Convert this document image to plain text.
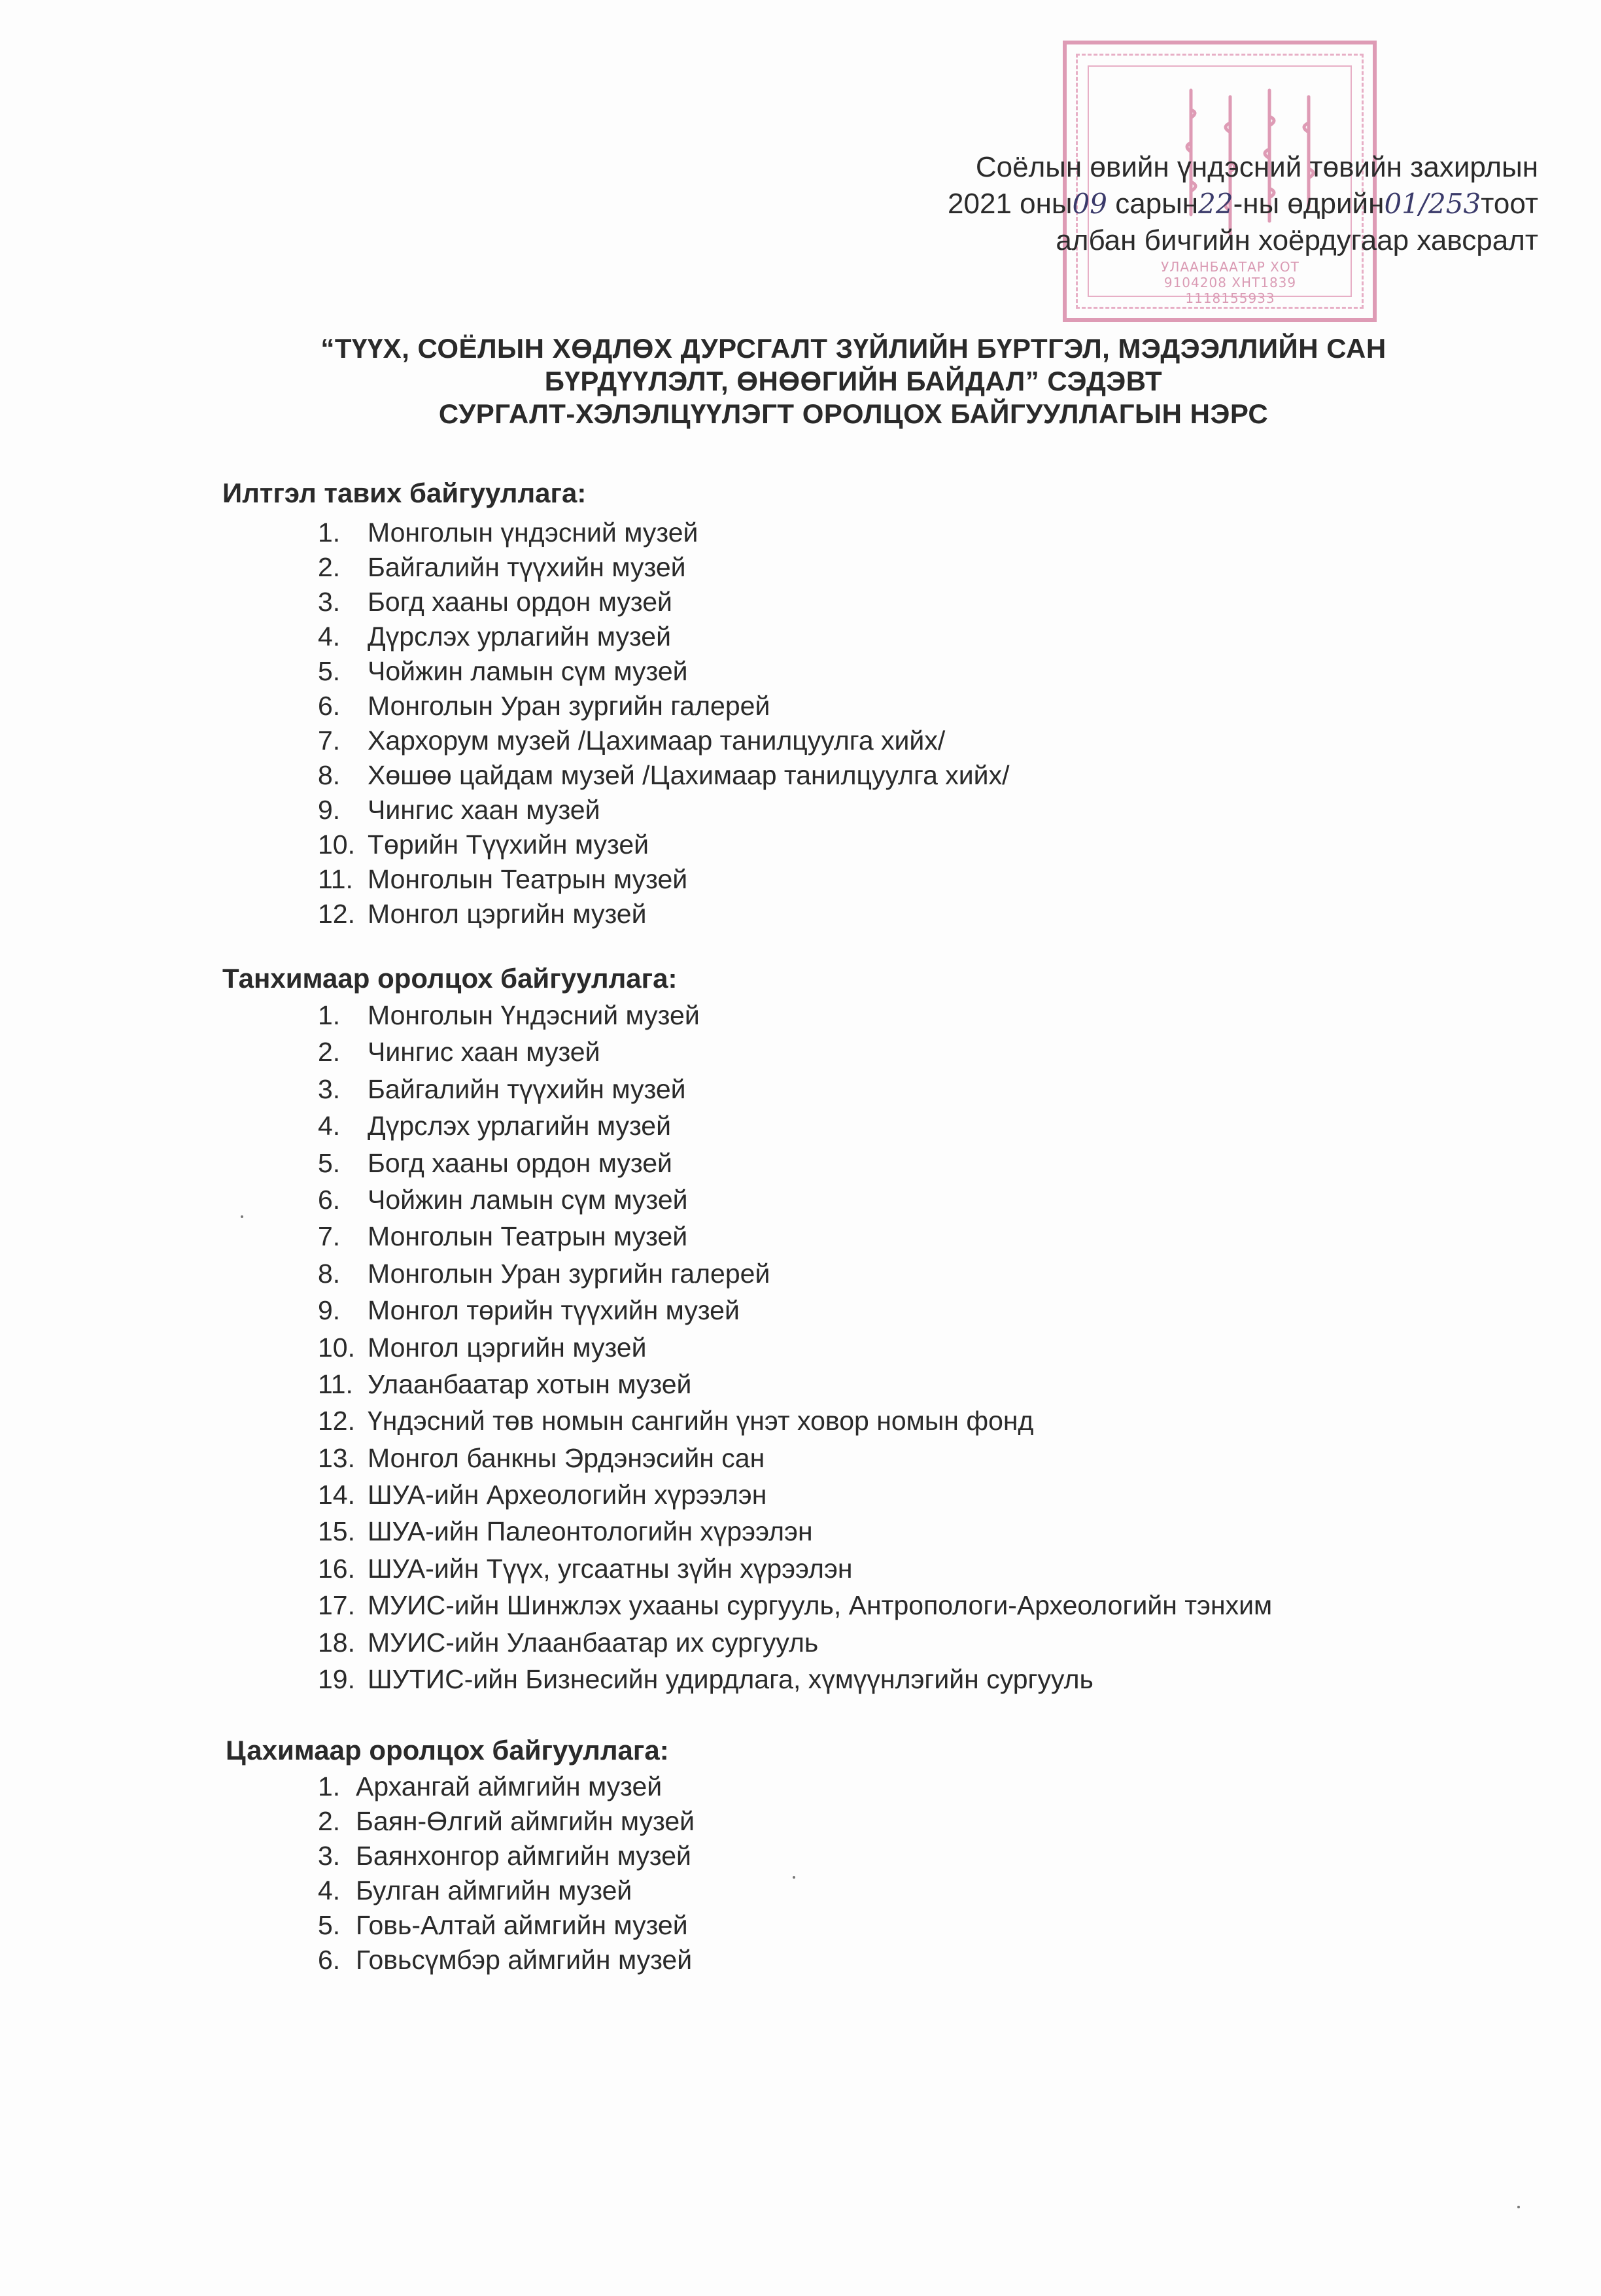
УЛААНБААТАР ХОТ
9104208 ХНТ1839
1118155933
Соёлын өвийн үндэсний төвийн захирлын
2021 оны09 сарын22-ны өдрийн01/253тоот
албан бичгийн хоёрдугаар хавсралт
“ТҮҮХ, СОЁЛЫН ХӨДЛӨХ ДУРСГАЛТ ЗҮЙЛИЙН БҮРТГЭЛ, МЭДЭЭЛЛИЙН САН
БҮРДҮҮЛЭЛТ, ӨНӨӨГИЙН БАЙДАЛ” СЭДЭВТ
СУРГАЛТ-ХЭЛЭЛЦҮҮЛЭГТ ОРОЛЦОХ БАЙГУУЛЛАГЫН НЭРС
Илтгэл тавих байгууллага:
1.	Монголын үндэсний музей
2.	Байгалийн түүхийн музей
3.	Богд хааны ордон музей
4.	Дүрслэх урлагийн музей
5.	Чойжин ламын сүм музей
6.	Монголын Уран зургийн галерей
7.	Хархорум музей /Цахимаар танилцуулга хийх/
8.	Хөшөө цайдам музей /Цахимаар танилцуулга хийх/
9.	Чингис хаан музей
10. Төрийн Түүхийн музей
11. Монголын Театрын музей
12. Монгол цэргийн музей
Танхимаар оролцох байгууллага:
1.	Монголын Үндэсний музей
2.	Чингис хаан музей
3.	Байгалийн түүхийн музей
4.	Дүрслэх урлагийн музей
5.	Богд хааны ордон музей
6.	Чойжин ламын сүм музей
7.	Монголын Театрын музей
8.	Монголын Уран зургийн галерей
9.	Монгол төрийн түүхийн музей
10. Монгол цэргийн музей
11. Улаанбаатар хотын музей
12. Үндэсний төв номын сангийн үнэт ховор номын фонд
13. Монгол банкны Эрдэнэсийн сан
14. ШУА-ийн Археологийн хүрээлэн
15. ШУА-ийн Палеонтологийн хүрээлэн
16. ШУА-ийн Түүх, угсаатны зүйн хүрээлэн
17. МУИС-ийн Шинжлэх ухааны сургууль, Антропологи-Археологийн тэнхим
18. МУИС-ийн Улаанбаатар их сургууль
19. ШУТИС-ийн Бизнесийн удирдлага, хүмүүнлэгийн сургууль
Цахимаар оролцох байгууллага:
1. Архангай аймгийн музей
2. Баян-Өлгий аймгийн музей
3. Баянхонгор аймгийн музей
4. Булган аймгийн музей
5. Говь-Алтай аймгийн музей
6. Говьсүмбэр аймгийн музей
